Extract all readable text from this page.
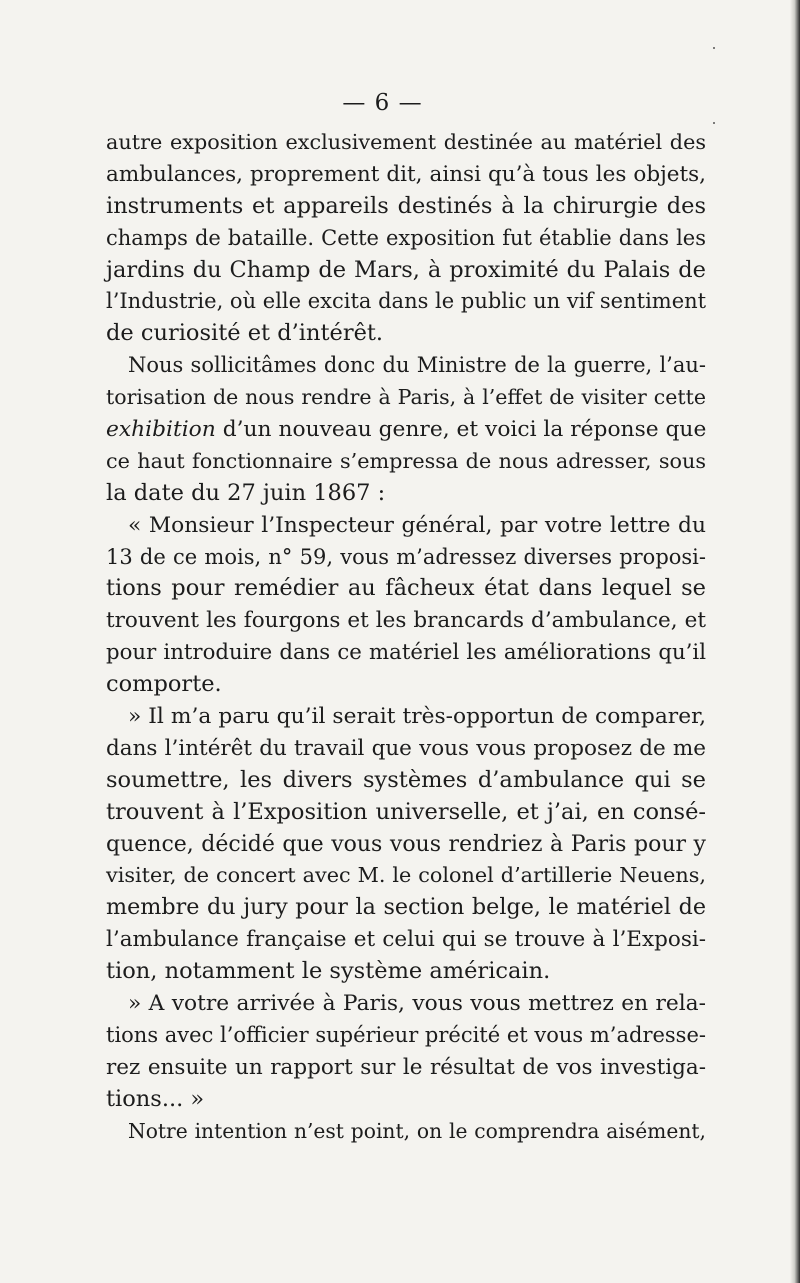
— 6 —
autre exposition exclusivement destinée au matériel des
ambulances, proprement dit, ainsi qu’à tous les objets,
instruments et appareils destinés à la chirurgie des
champs de bataille. Cette exposition fut établie dans les
jardins du Champ de Mars, à proximité du Palais de
l’Industrie, où elle excita dans le public un vif sentiment
de curiosité et d’intérêt.
Nous sollicitâmes donc du Ministre de la guerre, l’au-
torisation de nous rendre à Paris, à l’effet de visiter cette
exhibition d’un nouveau genre, et voici la réponse que
ce haut fonctionnaire s’empressa de nous adresser, sous
la date du 27 juin 1867 :
« Monsieur l’Inspecteur général, par votre lettre du
13 de ce mois, n° 59, vous m’adressez diverses proposi-
tions pour remédier au fâcheux état dans lequel se
trouvent les fourgons et les brancards d’ambulance, et
pour introduire dans ce matériel les améliorations qu’il
comporte.
» Il m’a paru qu’il serait très-opportun de comparer,
dans l’intérêt du travail que vous vous proposez de me
soumettre, les divers systèmes d’ambulance qui se
trouvent à l’Exposition universelle, et j’ai, en consé-
quence, décidé que vous vous rendriez à Paris pour y
visiter, de concert avec M. le colonel d’artillerie Neuens,
membre du jury pour la section belge, le matériel de
l’ambulance française et celui qui se trouve à l’Exposi-
tion, notamment le système américain.
» A votre arrivée à Paris, vous vous mettrez en rela-
tions avec l’officier supérieur précité et vous m’adresse-
rez ensuite un rapport sur le résultat de vos investiga-
tions... »
Notre intention n’est point, on le comprendra aisément,
